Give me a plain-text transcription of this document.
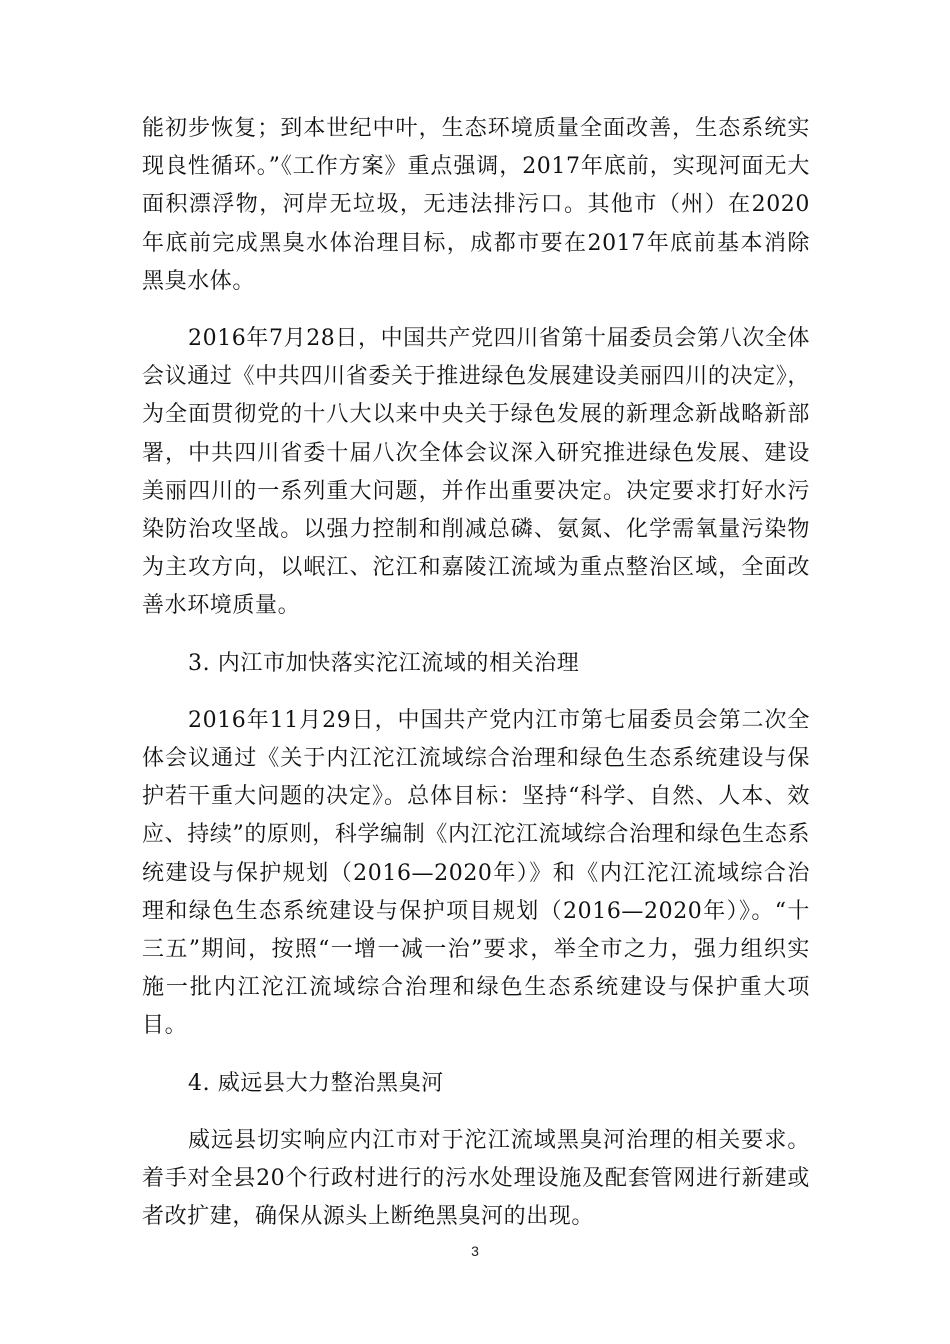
能初步恢复；到本世纪中叶，生态环境质量全面改善，生态系统实现良性循环。”《工作方案》重点强调，2017年底前，实现河面无大面积漂浮物，河岸无垃圾，无违法排污口。其他市（州）在2020年底前完成黑臭水体治理目标，成都市要在2017年底前基本消除黑臭水体。

2016年7月28日，中国共产党四川省第十届委员会第八次全体会议通过《中共四川省委关于推进绿色发展建设美丽四川的决定》，为全面贯彻党的十八大以来中央关于绿色发展的新理念新战略新部署，中共四川省委十届八次全体会议深入研究推进绿色发展、建设美丽四川的一系列重大问题，并作出重要决定。决定要求打好水污染防治攻坚战。以强力控制和削减总磷、氨氮、化学需氧量污染物为主攻方向，以岷江、沱江和嘉陵江流域为重点整治区域，全面改善水环境质量。

3. 内江市加快落实沱江流域的相关治理

2016年11月29日，中国共产党内江市第七届委员会第二次全体会议通过《关于内江沱江流域综合治理和绿色生态系统建设与保护若干重大问题的决定》。总体目标：坚持“科学、自然、人本、效应、持续”的原则，科学编制《内江沱江流域综合治理和绿色生态系统建设与保护规划（2016—2020年）》和《内江沱江流域综合治理和绿色生态系统建设与保护项目规划（2016—2020年）》。“十三五”期间，按照“一增一减一治”要求，举全市之力，强力组织实施一批内江沱江流域综合治理和绿色生态系统建设与保护重大项目。

4. 威远县大力整治黑臭河

威远县切实响应内江市对于沱江流域黑臭河治理的相关要求。着手对全县20个行政村进行的污水处理设施及配套管网进行新建或者改扩建，确保从源头上断绝黑臭河的出现。

3
